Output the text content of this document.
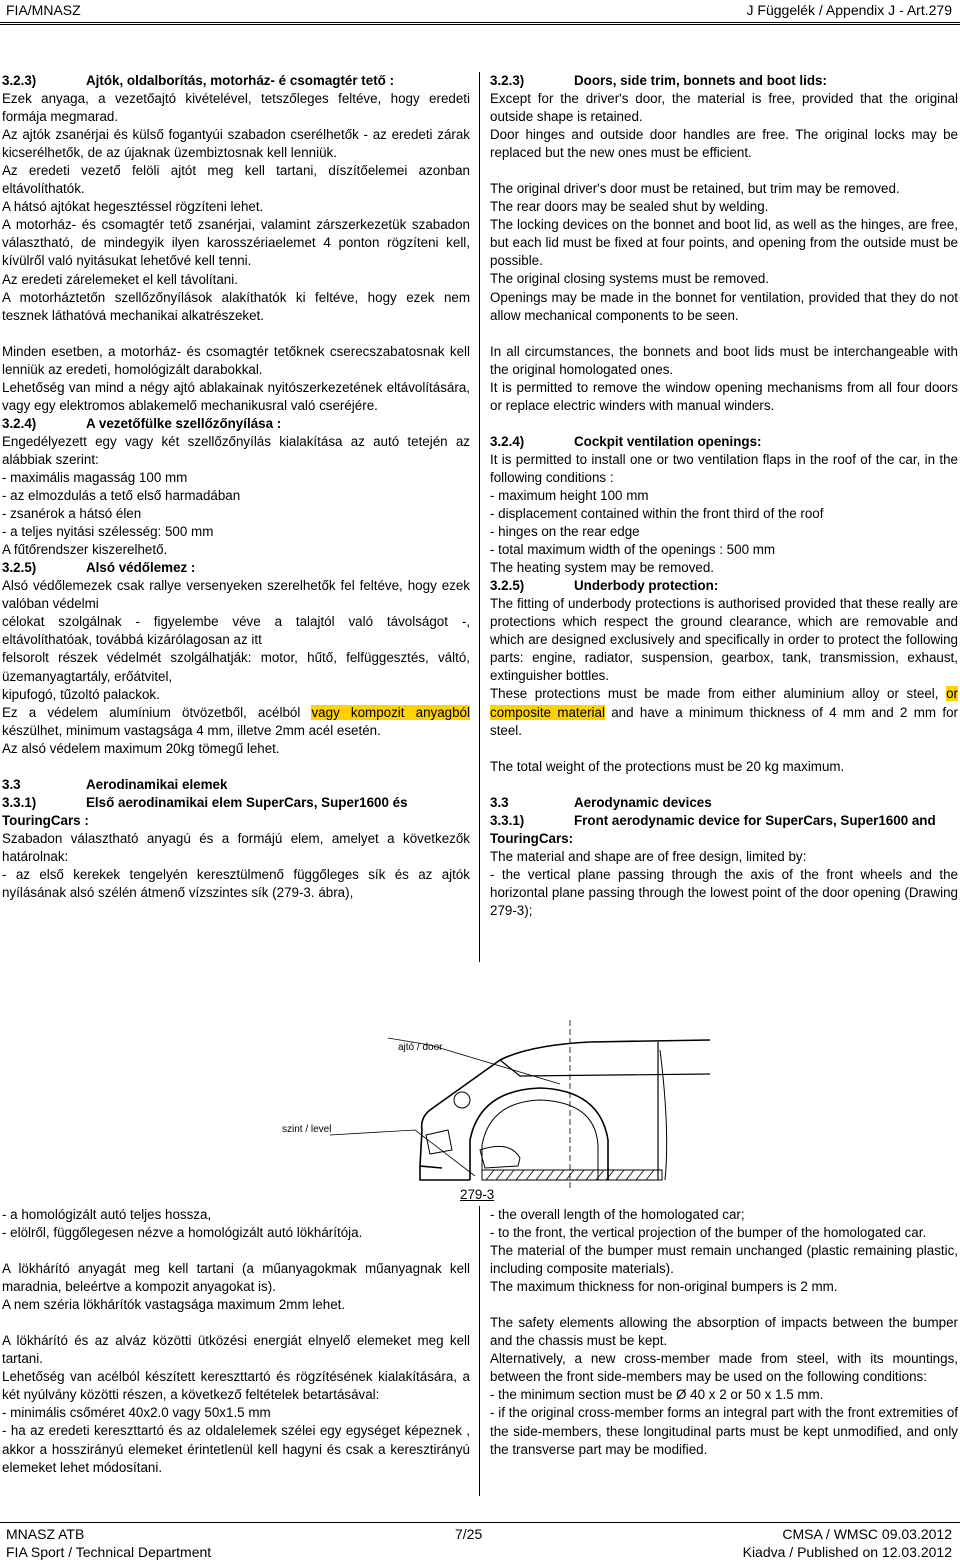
FIA/MNASZ	J Függelék / Appendix J - Art.279

3.2.3)	Ajtók, oldalborítás, motorház- é csomagtér tető :

Ezek anyaga, a vezetőajtó kivételével, tetszőleges feltéve, hogy eredeti formája megmarad.

Az ajtók zsanérjai és külső fogantyúi szabadon cserélhetők - az eredeti zárak kicserélhetők, de az újaknak üzembiztosnak kell lenniük.

Az eredeti vezető felöli ajtót meg kell tartani, díszítőelemei azonban eltávolíthatók.

A hátsó ajtókat hegesztéssel rögzíteni lehet.

A motorház- és csomagtér tető zsanérjai, valamint zárszerkezetük szabadon választható, de mindegyik ilyen karosszériaelemet 4 ponton rögzíteni kell, kívülről való nyitásukat lehetővé kell tenni.

Az eredeti zárelemeket el kell távolítani.

A motorháztetőn szellőzőnyílások alakíthatók ki feltéve, hogy ezek nem tesznek láthatóvá mechanikai alkatrészeket.

Minden esetben, a motorház- és csomagtér tetőknek cserecszabatosnak kell lenniük az eredeti, homológizált darabokkal.

Lehetőség van mind a négy ajtó ablakainak nyitószerkezetének eltávolítására, vagy egy elektromos ablakemelő mechanikusral való cseréjére.

3.2.4)	A vezetőfülke szellőzőnyílása :

Engedélyezett egy vagy két szellőzőnyílás kialakítása az autó tetején az alábbiak szerint:

- maximális magasság 100 mm

- az elmozdulás a tető első harmadában

- zsanérok a hátsó élen

- a teljes nyitási szélesség: 500 mm

A fűtőrendszer kiszerelhető.

3.2.5)	Alsó védőlemez :

Alsó védőlemezek csak rallye versenyeken szerelhetők fel feltéve, hogy ezek valóban védelmi

célokat szolgálnak - figyelembe véve a talajtól való távolságot -, eltávolíthatóak, továbbá kizárólagosan az itt

felsorolt részek védelmét szolgálhatják: motor, hűtő, felfüggesztés, váltó, üzemanyagtartály, erőátvitel,

kipufogó, tűzoltó palackok.

Ez a védelem alumínium ötvözetből, acélból vagy kompozit anyagból készülhet, minimum vastagsága 4 mm, illetve 2mm acél esetén.

Az alsó védelem maximum 20kg tömegű lehet.

3.3	Aerodinamikai elemek

3.3.1)	Első aerodinamikai elem SuperCars, Super1600 és TouringCars :

Szabadon választható anyagú és a formájú elem, amelyet a következők határolnak:

- az első kerekek tengelyén keresztülmenő függőleges sík és az ajtók nyílásának alsó szélén átmenő vízszintes sík (279-3. ábra),

3.2.3)	Doors, side trim, bonnets and boot lids:

Except for the driver's door, the material is free, provided that the original outside shape is retained.

Door hinges and outside door handles are free. The original locks may be replaced but the new ones must be efficient.

The original driver's door must be retained, but trim may be removed.

The rear doors may be sealed shut by welding.

The locking devices on the bonnet and boot lid, as well as the hinges, are free, but each lid must be fixed at four points, and opening from the outside must be possible.

The original closing systems must be removed.

Openings may be made in the bonnet for ventilation, provided that they do not allow mechanical components to be seen.

In all circumstances, the bonnets and boot lids must be interchangeable with the original homologated ones.

It is permitted to remove the window opening mechanisms from all four doors or replace electric winders with manual winders.

3.2.4)	Cockpit ventilation openings:

It is permitted to install one or two ventilation flaps in the roof of the car, in the following conditions :

- maximum height 100 mm

- displacement contained within the front third of the roof

- hinges on the rear edge

- total maximum width of the openings : 500 mm

The heating system may be removed.

3.2.5)	Underbody protection:

The fitting of underbody protections is authorised provided that these really are protections which respect the ground clearance, which are removable and which are designed exclusively and specifically in order to protect the following parts: engine, radiator, suspension, gearbox, tank, transmission, exhaust, extinguisher bottles.

These protections must be made from either aluminium alloy or steel, or composite material and have a minimum thickness of 4 mm and 2 mm for steel.

The total weight of the protections must be 20 kg maximum.

3.3	Aerodynamic devices

3.3.1)	Front aerodynamic device for SuperCars, Super1600 and TouringCars:

The material and shape are of free design, limited by:

- the vertical plane passing through the axis of the front wheels and the horizontal plane passing through the lowest point of the door opening (Drawing 279-3);

ajtó / door
szint / level
279-3

- a homológizált autó teljes hossza,

- elölről, függőlegesen nézve a homológizált autó lökhárítója.

A lökhárító anyagát meg kell tartani (a műanyagokmak műanyagnak kell maradnia, beleértve a kompozit anyagokat is).

A nem széria lökhárítók vastagsága maximum 2mm lehet.

A lökhárító és az alváz közötti ütközési energiát elnyelő elemeket meg kell tartani.

Lehetőség van acélból készített kereszttartó és rögzítésének kialakítására, a két nyúlvány közötti részen, a következő feltételek betartásával:

- minimális csőméret 40x2.0 vagy 50x1.5 mm

- ha az eredeti kereszttartó és az oldalelemek szélei egy egységet képeznek , akkor a hosszirányú elemeket érintetlenül kell hagyni és csak a keresztirányú elemeket lehet módosítani.

- the overall length of the homologated car;

- to the front, the vertical projection of the bumper of the homologated car.

The material of the bumper must remain unchanged (plastic remaining plastic, including composite materials).

The maximum thickness for non-original bumpers is 2 mm.

The safety elements allowing the absorption of impacts between the bumper and the chassis must be kept.

Alternatively, a new cross-member made from steel, with its mountings, between the front side-members may be used on the following conditions:

- the minimum section must be Ø 40 x 2 or 50 x 1.5 mm.

- if the original cross-member forms an integral part with the front extremities of the side-members, these longitudinal parts must be kept unmodified, and only the transverse part may be modified.

MNASZ ATB
FIA Sport / Technical Department
7/25	CMSA / WMSC 09.03.2012
Kiadva / Published on 12.03.2012
